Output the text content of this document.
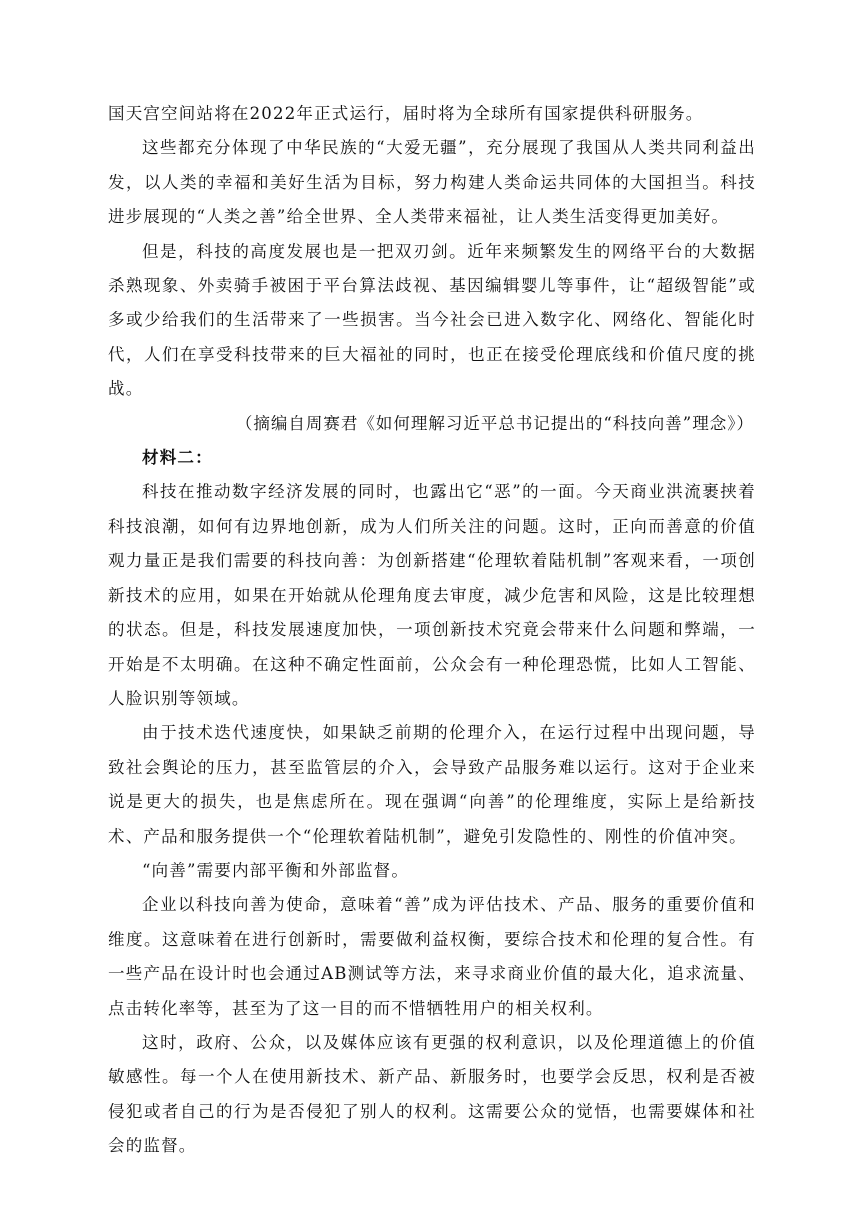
国天宫空间站将在2022年正式运行，届时将为全球所有国家提供科研服务。

这些都充分体现了中华民族的“大爱无疆”，充分展现了我国从人类共同利益出发，以人类的幸福和美好生活为目标，努力构建人类命运共同体的大国担当。科技进步展现的“人类之善”给全世界、全人类带来福祉，让人类生活变得更加美好。

但是，科技的高度发展也是一把双刃剑。近年来频繁发生的网络平台的大数据杀熟现象、外卖骑手被困于平台算法歧视、基因编辑婴儿等事件，让“超级智能”或多或少给我们的生活带来了一些损害。当今社会已进入数字化、网络化、智能化时代，人们在享受科技带来的巨大福祉的同时，也正在接受伦理底线和价值尺度的挑战。

（摘编自周赛君《如何理解习近平总书记提出的“科技向善”理念》）

材料二：

科技在推动数字经济发展的同时，也露出它“恶”的一面。今天商业洪流裹挟着科技浪潮，如何有边界地创新，成为人们所关注的问题。这时，正向而善意的价值观力量正是我们需要的科技向善：为创新搭建“伦理软着陆机制”客观来看，一项创新技术的应用，如果在开始就从伦理角度去审度，减少危害和风险，这是比较理想的状态。但是，科技发展速度加快，一项创新技术究竟会带来什么问题和弊端，一开始是不太明确。在这种不确定性面前，公众会有一种伦理恐慌，比如人工智能、人脸识别等领域。

由于技术迭代速度快，如果缺乏前期的伦理介入，在运行过程中出现问题，导致社会舆论的压力，甚至监管层的介入，会导致产品服务难以运行。这对于企业来说是更大的损失，也是焦虑所在。现在强调“向善”的伦理维度，实际上是给新技术、产品和服务提供一个“伦理软着陆机制”，避免引发隐性的、刚性的价值冲突。

“向善”需要内部平衡和外部监督。

企业以科技向善为使命，意味着“善”成为评估技术、产品、服务的重要价值和维度。这意味着在进行创新时，需要做利益权衡，要综合技术和伦理的复合性。有一些产品在设计时也会通过AB测试等方法，来寻求商业价值的最大化，追求流量、点击转化率等，甚至为了这一目的而不惜牺牲用户的相关权利。

这时，政府、公众，以及媒体应该有更强的权利意识，以及伦理道德上的价值敏感性。每一个人在使用新技术、新产品、新服务时，也要学会反思，权利是否被侵犯或者自己的行为是否侵犯了别人的权利。这需要公众的觉悟，也需要媒体和社会的监督。
